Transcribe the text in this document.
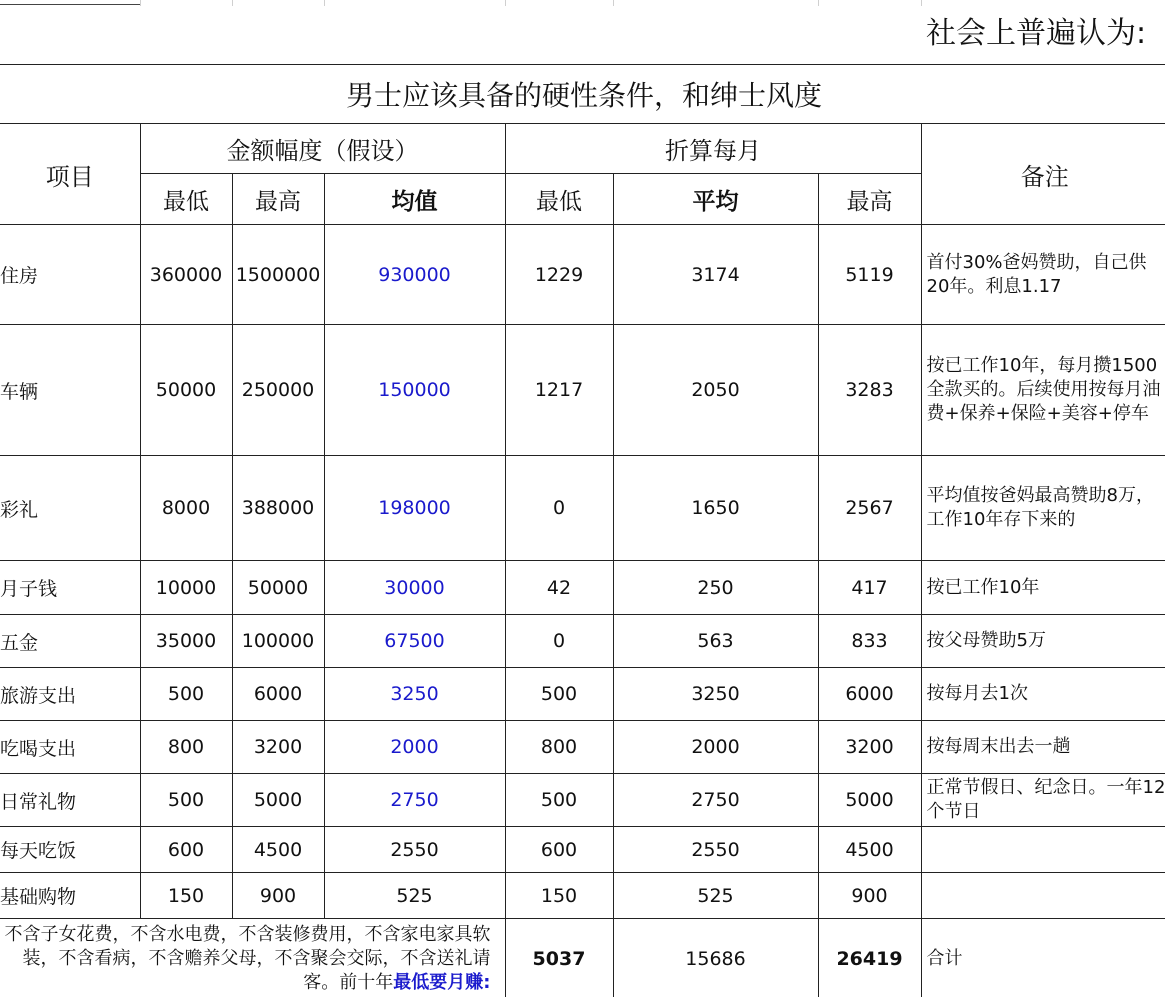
社会上普遍认为:
男士应该具备的硬性条件，和绅士风度							
项目	金额幅度（假设）			折算每月			备注
	最低	最高	均值	最低	平均	最高	
住房	360000	1500000	930000	1229	3174	5119	首付30%爸妈赞助，自己供20年。利息1.17
车辆	50000	250000	150000	1217	2050	3283	按已工作10年，每月攒1500全款买的。后续使用按每月油费+保养+保险+美容+停车
彩礼	8000	388000	198000	0	1650	2567	平均值按爸妈最高赞助8万，工作10年存下来的
月子钱	10000	50000	30000	42	250	417	按已工作10年
五金	35000	100000	67500	0	563	833	按父母赞助5万
旅游支出	500	6000	3250	500	3250	6000	按每月去1次
吃喝支出	800	3200	2000	800	2000	3200	按每周末出去一趟
日常礼物	500	5000	2750	500	2750	5000	正常节假日、纪念日。一年12个节日
每天吃饭	600	4500	2550	600	2550	4500	
基础购物	150	900	525	150	525	900	
不含子女花费，不含水电费，不含装修费用，不含家电家具软装，不含看病，不含赡养父母，不含聚会交际，不含送礼请客。前十年最低要月赚:				5037	15686	26419	合计
